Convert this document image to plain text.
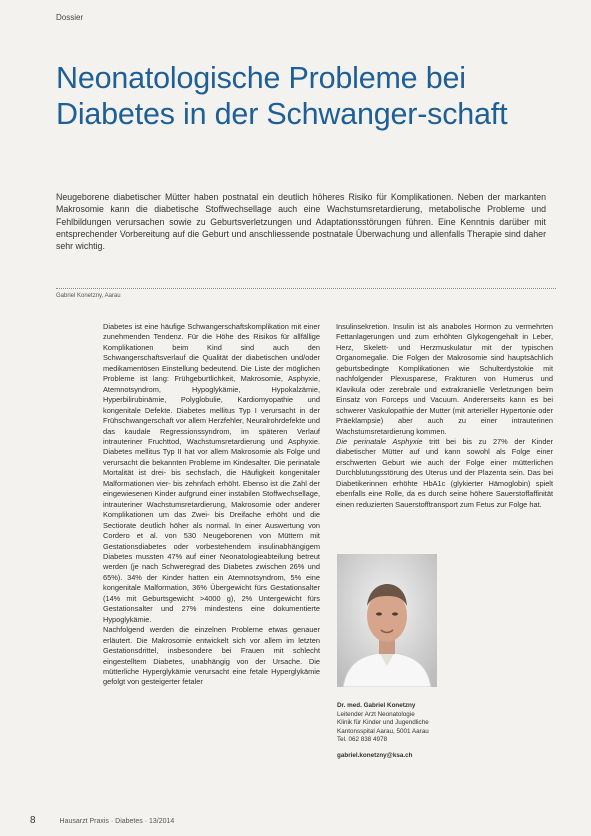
Dossier
Neonatologische Probleme bei Diabetes in der Schwanger-schaft

Neugeborene diabetischer Mütter haben postnatal ein deutlich höheres Risiko für Komplikationen. Neben der markanten Makrosomie kann die diabetische Stoffwechsellage auch eine Wachstumsretardierung, metabolische Probleme und Fehlbildungen verursachen sowie zu Geburtsverletzungen und Adaptationsstörungen führen. Eine Kenntnis darüber mit entsprechender Vorbereitung auf die Geburt und anschliessende postnatale Überwachung und allenfalls Therapie sind daher sehr wichtig.

Gabriel Konetzny, Aarau

Diabetes ist eine häufige Schwangerschaftskomplikation mit einer zunehmenden Tendenz. Für die Höhe des Risikos für allfällige Komplikationen beim Kind sind auch den Schwangerschaftsverlauf die Qualität der diabetischen und/oder medikamentösen Einstellung bedeutend. Die Liste der möglichen Probleme ist lang: Frühgeburtlichkeit, Makrosomie, Asphyxie, Atemnotsyndrom, Hypoglykämie, Hypokalzämie, Hyperbilirubinämie, Polyglobulie, Kardiomyopathie und kongenitale Defekte. Diabetes mellitus Typ I verursacht in der Frühschwangerschaft vor allem Herzfehler, Neuralrohrdefekte und das kaudale Regressionssyndrom, im späteren Verlauf intrauteriner Fruchttod, Wachstumsretardierung und Asphyxie. Diabetes mellitus Typ II hat vor allem Makrosomie als Folge und verursacht die bekannten Probleme im Kindesalter. Die perinatale Mortalität ist drei- bis sechsfach, die Häufigkeit kongenitaler Malformationen vier- bis zehnfach erhöht. Ebenso ist die Zahl der eingewiesenen Kinder aufgrund einer instabilen Stoffwechsellage, intrauteriner Wachstumsretardierung, Makrosomie oder anderer Komplikationen um das Zwei- bis Dreifache erhöht und die Sectiorate deutlich höher als normal. In einer Auswertung von Cordero et al. von 530 Neugeborenen von Müttern mit Gestationsdiabetes oder vorbestehendem insulinabhängigem Diabetes mussten 47% auf einer Neonatologieabteilung betreut werden (je nach Schweregrad des Diabetes zwischen 26% und 65%). 34% der Kinder hatten ein Atemnotsyndrom, 5% eine kongenitale Malformation, 36% Übergewicht fürs Gestationsalter (14% mit Geburtsgewicht >4000 g), 2% Untergewicht fürs Gestationsalter und 27% mindestens eine dokumentierte Hypoglykämie.

Nachfolgend werden die einzelnen Probleme etwas genauer erläutert. Die Makrosomie entwickelt sich vor allem im letzten Gestationsdrittel, insbesondere bei Frauen mit schlecht eingestelltem Diabetes, unabhängig von der Ursache. Die mütterliche Hyperglykämie verursacht eine fetale Hyperglykämie gefolgt von gesteigerter fetaler

Insulinsekretion. Insulin ist als anaboles Hormon zu vermehrten Fettanlagerungen und zum erhöhten Glykogengehalt in Leber, Herz, Skelett- und Herzmuskulatur mit der typischen Organomegalie. Die Folgen der Makrosomie sind hauptsächlich geburtsbedingte Komplikationen wie Schulterdystokie mit nachfolgender Plexusparese, Frakturen von Humerus und Klavikula oder zerebrale und extrakranielle Verletzungen beim Einsatz von Forceps und Vacuum. Andererseits kann es bei schwerer Vaskulopathie der Mutter (mit arterieller Hypertonie oder Präeklampsie) aber auch zu einer intrauterinen Wachstumsretardierung kommen.

Die perinatale Asphyxie tritt bei bis zu 27% der Kinder diabetischer Mütter auf und kann sowohl als Folge einer erschwerten Geburt wie auch der Folge einer mütterlichen Durchblutungsstörung des Uterus und der Plazenta sein. Das bei Diabetikerinnen erhöhte HbA1c (glykierter Hämoglobin) spielt ebenfalls eine Rolle, da es durch seine höhere Sauerstoffaffinität einen reduzierten Sauerstofftransport zum Fetus zur Folge hat.

Dr. med. Gabriel Konetzny
Leitender Arzt Neonatologie
Klinik für Kinder und Jugendliche
Kantonsspital Aarau, 5001 Aarau
Tel. 062 838 4978
gabriel.konetzny@ksa.ch
8	Hausarzt Praxis · Diabetes · 13/2014
